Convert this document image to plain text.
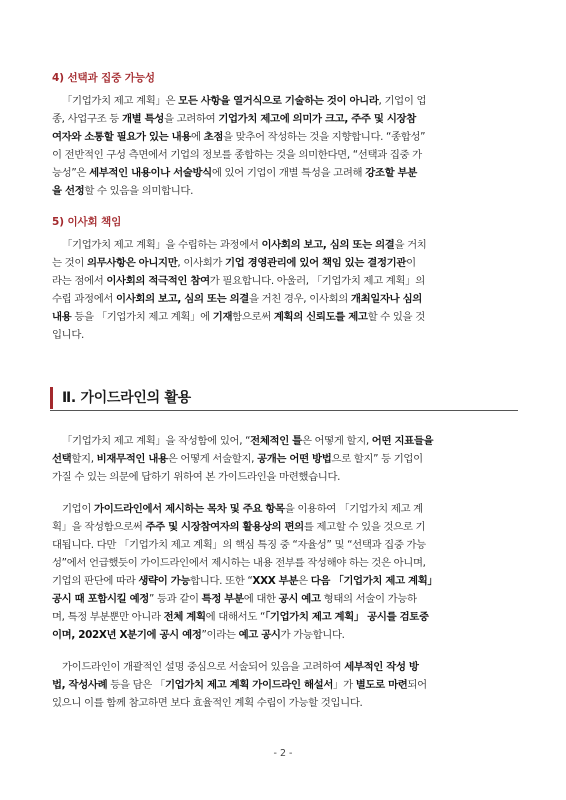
4) 선택과 집중 가능성
「기업가치 제고 계획」은 모든 사항을 열거식으로 기술하는 것이 아니라, 기업이 업
종, 사업구조 등 개별 특성을 고려하여 기업가치 제고에 의미가 크고, 주주 및 시장참
여자와 소통할 필요가 있는 내용에 초점을 맞추어 작성하는 것을 지향합니다. “종합성”
이 전반적인 구성 측면에서 기업의 정보를 종합하는 것을 의미한다면, “선택과 집중 가
능성”은 세부적인 내용이나 서술방식에 있어 기업이 개별 특성을 고려해 강조할 부분
을 선정할 수 있음을 의미합니다.
5) 이사회 책임
「기업가치 제고 계획」을 수립하는 과정에서 이사회의 보고, 심의 또는 의결을 거치
는 것이 의무사항은 아니지만, 이사회가 기업 경영관리에 있어 책임 있는 결정기관이
라는 점에서 이사회의 적극적인 참여가 필요합니다. 아울러, 「기업가치 제고 계획」의
수립 과정에서 이사회의 보고, 심의 또는 의결을 거친 경우, 이사회의 개최일자나 심의
내용 등을 「기업가치 제고 계획」에 기재함으로써 계획의 신뢰도를 제고할 수 있을 것
입니다.
Ⅱ. 가이드라인의 활용
「기업가치 제고 계획」을 작성함에 있어, “전체적인 틀은 어떻게 할지, 어떤 지표들을
선택할지, 비재무적인 내용은 어떻게 서술할지, 공개는 어떤 방법으로 할지” 등 기업이
가질 수 있는 의문에 답하기 위하여 본 가이드라인을 마련했습니다.
기업이 가이드라인에서 제시하는 목차 및 주요 항목을 이용하여 「기업가치 제고 계
획」을 작성함으로써 주주 및 시장참여자의 활용상의 편의를 제고할 수 있을 것으로 기
대됩니다. 다만 「기업가치 제고 계획」의 핵심 특징 중 “자율성” 및 “선택과 집중 가능
성”에서 언급했듯이 가이드라인에서 제시하는 내용 전부를 작성해야 하는 것은 아니며,
기업의 판단에 따라 생략이 가능합니다. 또한 “XXX 부분은 다음 「기업가치 제고 계획」
공시 때 포함시킬 예정” 등과 같이 특정 부분에 대한 공시 예고 형태의 서술이 가능하
며, 특정 부분뿐만 아니라 전체 계획에 대해서도 “「기업가치 제고 계획」 공시를 검토중
이며, 202X년 X분기에 공시 예정”이라는 예고 공시가 가능합니다.
가이드라인이 개괄적인 설명 중심으로 서술되어 있음을 고려하여 세부적인 작성 방
법, 작성사례 등을 담은 「기업가치 제고 계획 가이드라인 해설서」가 별도로 마련되어
있으니 이를 함께 참고하면 보다 효율적인 계획 수립이 가능할 것입니다.
- 2 -
